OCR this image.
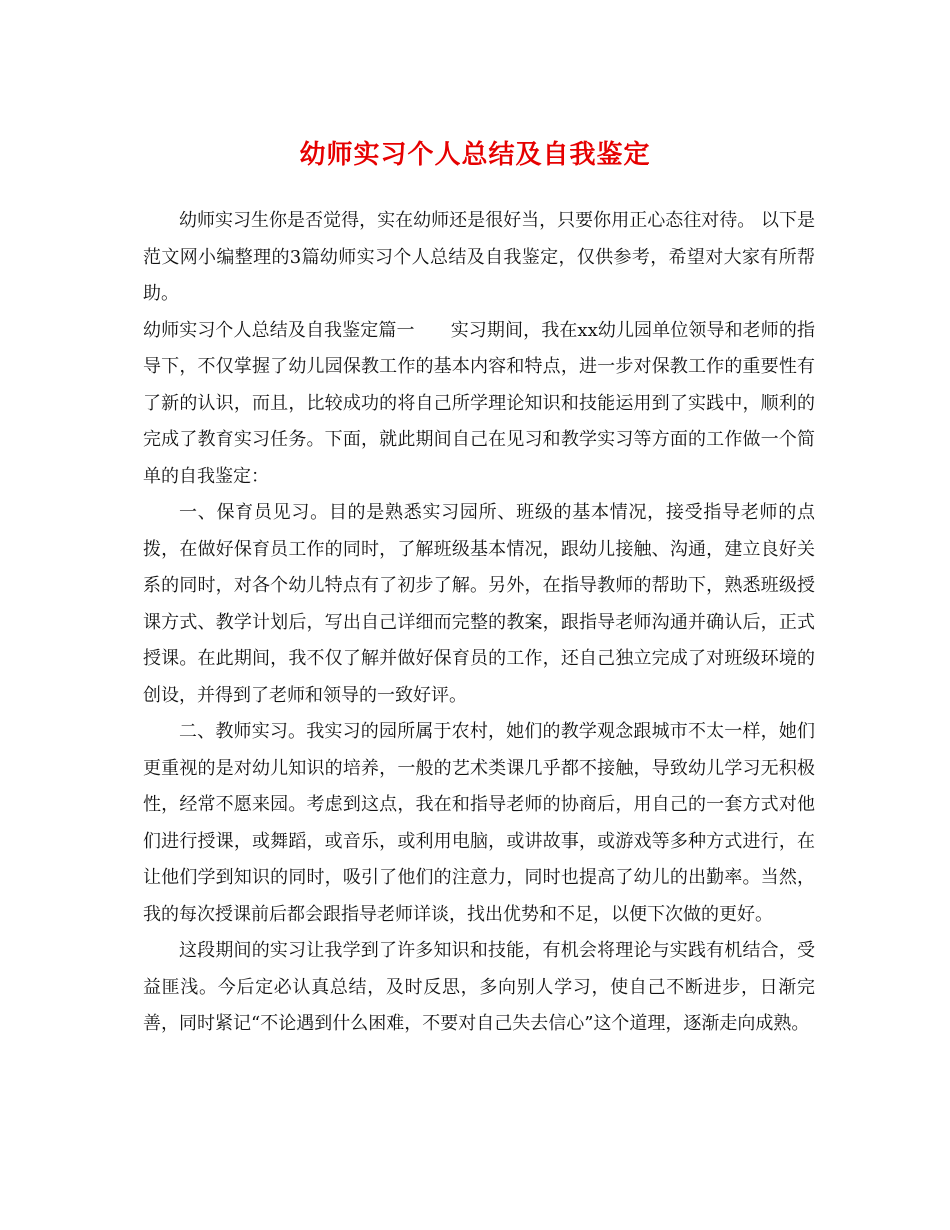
幼师实习个人总结及自我鉴定

幼师实习生你是否觉得，实在幼师还是很好当，只要你用正心态往对待。 以下是范文网小编整理的3篇幼师实习个人总结及自我鉴定，仅供参考，希望对大家有所帮助。

幼师实习个人总结及自我鉴定篇一 实习期间，我在xx幼儿园单位领导和老师的指导下，不仅掌握了幼儿园保教工作的基本内容和特点，进一步对保教工作的重要性有了新的认识，而且，比较成功的将自己所学理论知识和技能运用到了实践中，顺利的完成了教育实习任务。下面，就此期间自己在见习和教学实习等方面的工作做一个简单的自我鉴定：

一、保育员见习。目的是熟悉实习园所、班级的基本情况，接受指导老师的点拨，在做好保育员工作的同时，了解班级基本情况，跟幼儿接触、沟通，建立良好关系的同时，对各个幼儿特点有了初步了解。另外，在指导教师的帮助下，熟悉班级授课方式、教学计划后，写出自己详细而完整的教案，跟指导老师沟通并确认后，正式授课。在此期间，我不仅了解并做好保育员的工作，还自己独立完成了对班级环境的创设，并得到了老师和领导的一致好评。

二、教师实习。我实习的园所属于农村，她们的教学观念跟城市不太一样，她们更重视的是对幼儿知识的培养，一般的艺术类课几乎都不接触，导致幼儿学习无积极性，经常不愿来园。考虑到这点，我在和指导老师的协商后，用自己的一套方式对他们进行授课，或舞蹈，或音乐，或利用电脑，或讲故事，或游戏等多种方式进行，在让他们学到知识的同时，吸引了他们的注意力，同时也提高了幼儿的出勤率。当然，我的每次授课前后都会跟指导老师详谈，找出优势和不足，以便下次做的更好。

这段期间的实习让我学到了许多知识和技能，有机会将理论与实践有机结合，受益匪浅。今后定必认真总结，及时反思，多向别人学习，使自己不断进步，日渐完善，同时紧记“不论遇到什么困难，不要对自己失去信心”这个道理，逐渐走向成熟。
